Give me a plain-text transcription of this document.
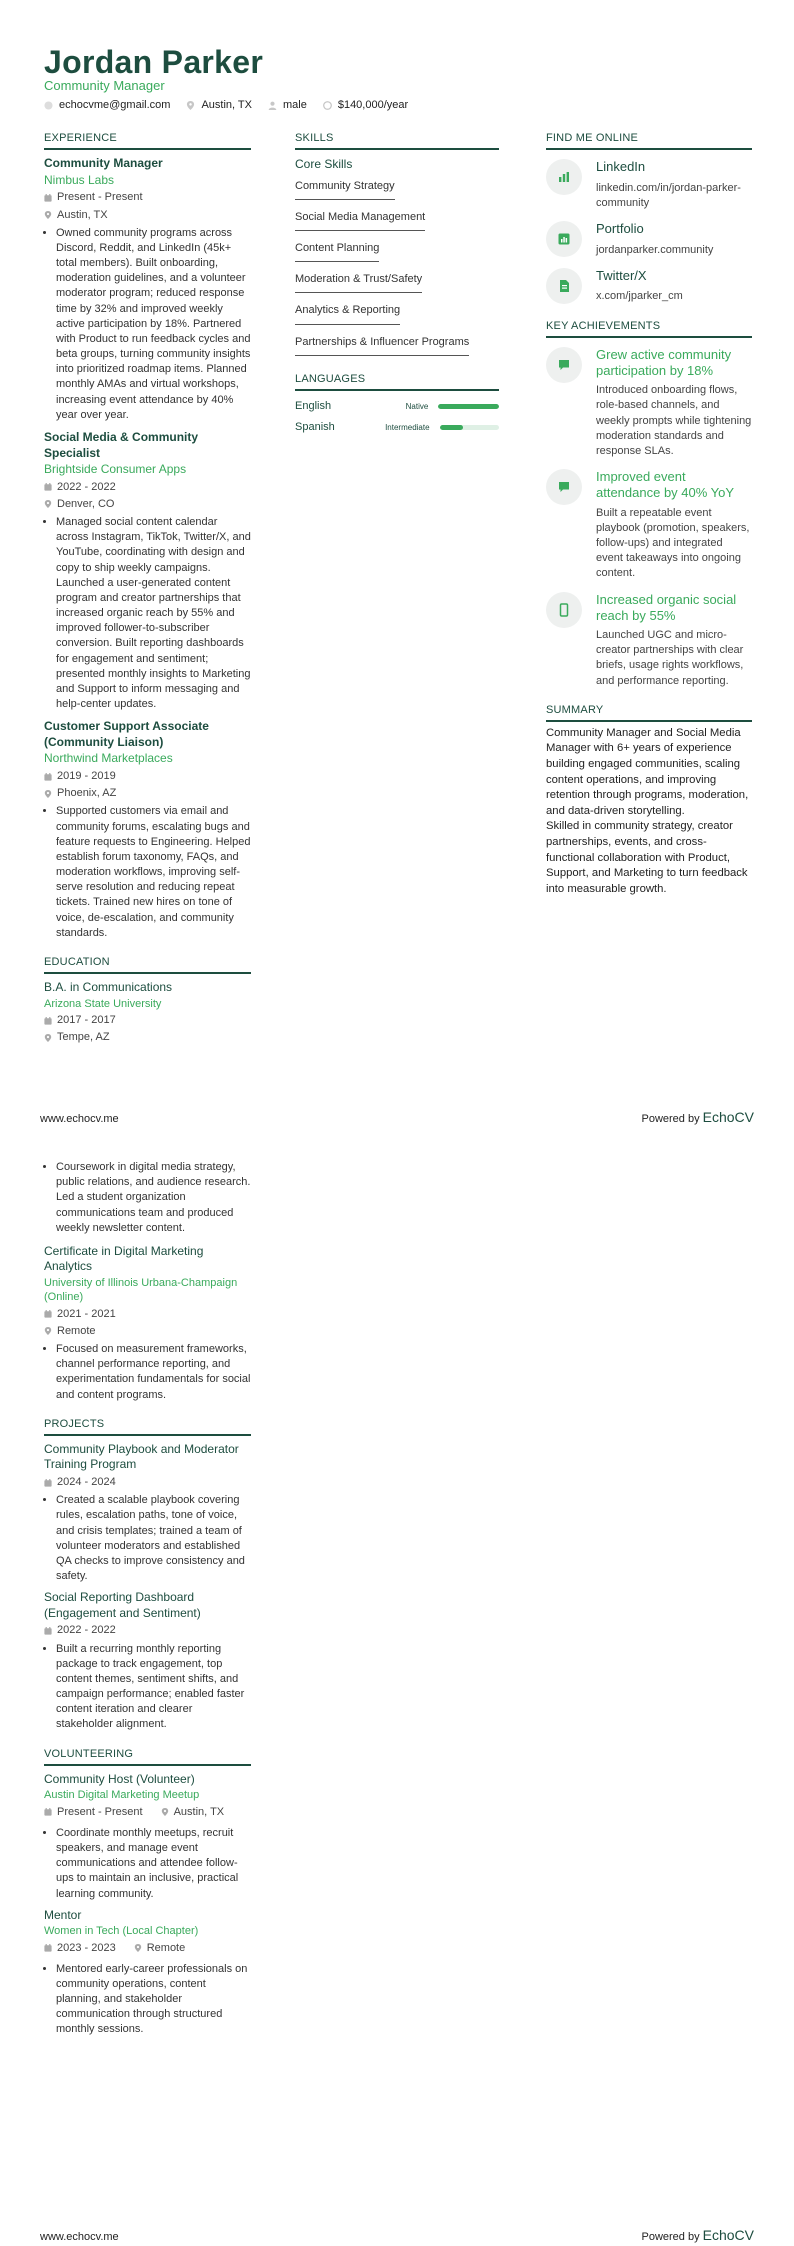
Jordan Parker
Community Manager
echocvme@gmail.com	Austin, TX	male	$140,000/year
EXPERIENCE
Community Manager
Nimbus Labs
Present - Present
Austin, TX
• Owned community programs across Discord, Reddit, and LinkedIn (45k+ total members). Built onboarding, moderation guidelines, and a volunteer moderator program; reduced response time by 32% and improved weekly active participation by 18%. Partnered with Product to run feedback cycles and beta groups, turning community insights into prioritized roadmap items. Planned monthly AMAs and virtual workshops, increasing event attendance by 40% year over year.
Social Media & Community Specialist
Brightside Consumer Apps
2022 - 2022
Denver, CO
• Managed social content calendar across Instagram, TikTok, Twitter/X, and YouTube, coordinating with design and copy to ship weekly campaigns. Launched a user-generated content program and creator partnerships that increased organic reach by 55% and improved follower-to-subscriber conversion. Built reporting dashboards for engagement and sentiment; presented monthly insights to Marketing and Support to inform messaging and help-center updates.
Customer Support Associate (Community Liaison)
Northwind Marketplaces
2019 - 2019
Phoenix, AZ
• Supported customers via email and community forums, escalating bugs and feature requests to Engineering. Helped establish forum taxonomy, FAQs, and moderation workflows, improving self-serve resolution and reducing repeat tickets. Trained new hires on tone of voice, de-escalation, and community standards.
EDUCATION
B.A. in Communications
Arizona State University
2017 - 2017
Tempe, AZ
SKILLS
Core Skills
Community Strategy
Social Media Management
Content Planning
Moderation & Trust/Safety
Analytics & Reporting
Partnerships & Influencer Programs
LANGUAGES
English	Native
Spanish	Intermediate
FIND ME ONLINE
LinkedIn
linkedin.com/in/jordan-parker-community
Portfolio
jordanparker.community
Twitter/X
x.com/jparker_cm
KEY ACHIEVEMENTS
Grew active community participation by 18%
Introduced onboarding flows, role-based channels, and weekly prompts while tightening moderation standards and response SLAs.
Improved event attendance by 40% YoY
Built a repeatable event playbook (promotion, speakers, follow-ups) and integrated event takeaways into ongoing content.
Increased organic social reach by 55%
Launched UGC and micro-creator partnerships with clear briefs, usage rights workflows, and performance reporting.
SUMMARY

Community Manager and Social Media Manager with 6+ years of experience building engaged communities, scaling content operations, and improving retention through programs, moderation, and data-driven storytelling.

Skilled in community strategy, creator partnerships, events, and cross-functional collaboration with Product, Support, and Marketing to turn feedback into measurable growth.

www.echocv.me	Powered by EchoCV
• Coursework in digital media strategy, public relations, and audience research. Led a student organization communications team and produced weekly newsletter content.
Certificate in Digital Marketing Analytics
University of Illinois Urbana-Champaign (Online)
2021 - 2021
Remote
• Focused on measurement frameworks, channel performance reporting, and experimentation fundamentals for social and content programs.
PROJECTS
Community Playbook and Moderator Training Program
2024 - 2024
• Created a scalable playbook covering rules, escalation paths, tone of voice, and crisis templates; trained a team of volunteer moderators and established QA checks to improve consistency and safety.
Social Reporting Dashboard (Engagement and Sentiment)
2022 - 2022
• Built a recurring monthly reporting package to track engagement, top content themes, sentiment shifts, and campaign performance; enabled faster content iteration and clearer stakeholder alignment.
VOLUNTEERING
Community Host (Volunteer)
Austin Digital Marketing Meetup
Present - Present	Austin, TX
• Coordinate monthly meetups, recruit speakers, and manage event communications and attendee follow-ups to maintain an inclusive, practical learning community.
Mentor
Women in Tech (Local Chapter)
2023 - 2023	Remote
• Mentored early-career professionals on community operations, content planning, and stakeholder communication through structured monthly sessions.
www.echocv.me	Powered by EchoCV
